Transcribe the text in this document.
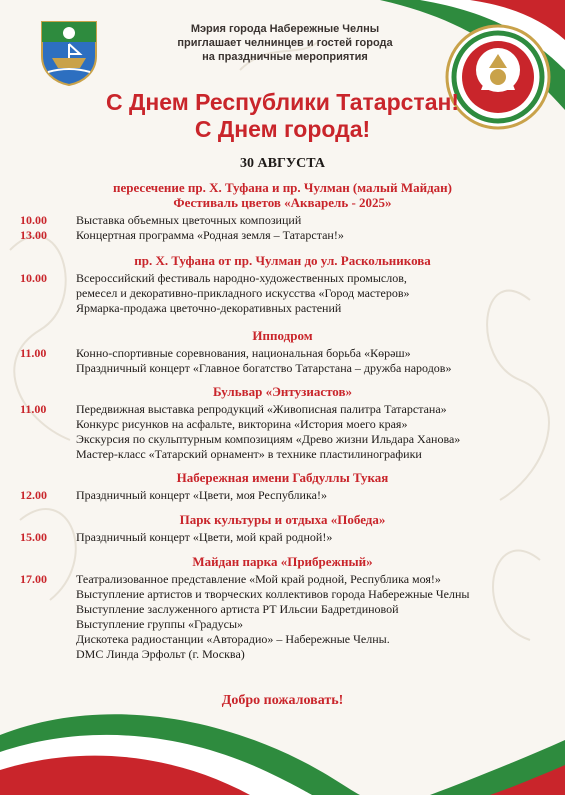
Мэрия города Набережные Челны
приглашает челнинцев и гостей города
на праздничные мероприятия
С Днем Республики Татарстан!
С Днем города!
30 АВГУСТА
пересечение пр. Х. Туфана и пр. Чулман (малый Майдан)
Фестиваль цветов «Акварель - 2025»
10.00 Выставка объемных цветочных композиций
13.00 Концертная программа «Родная земля – Татарстан!»
пр. Х. Туфана от пр. Чулман до ул. Раскольникова
10.00 Всероссийский фестиваль народно-художественных промыслов,
ремесел и декоративно-прикладного искусства «Город мастеров»
Ярмарка-продажа цветочно-декоративных растений
Ипподром
11.00 Конно-спортивные соревнования, национальная борьба «Көрәш»
Праздничный концерт «Главное богатство Татарстана – дружба народов»
Бульвар «Энтузиастов»
11.00 Передвижная выставка репродукций «Живописная палитра Татарстана»
Конкурс рисунков на асфальте, викторина «История моего края»
Экскурсия по скульптурным композициям «Древо жизни Ильдара Ханова»
Мастер-класс «Татарский орнамент» в технике пластилинографики
Набережная имени Габдуллы Тукая
12.00 Праздничный концерт «Цвети, моя Республика!»
Парк культуры и отдыха «Победа»
15.00 Праздничный концерт «Цвети, мой край родной!»
Майдан парка «Прибрежный»
17.00 Театрализованное представление «Мой край родной, Республика моя!»
Выступление артистов и творческих коллективов города Набережные Челны
Выступление заслуженного артиста РТ Ильсии Бадретдиновой
Выступление группы «Градусы»
Дискотека радиостанции «Авторадио» – Набережные Челны.
DMC Линда Эрфольт (г. Москва)
Добро пожаловать!
